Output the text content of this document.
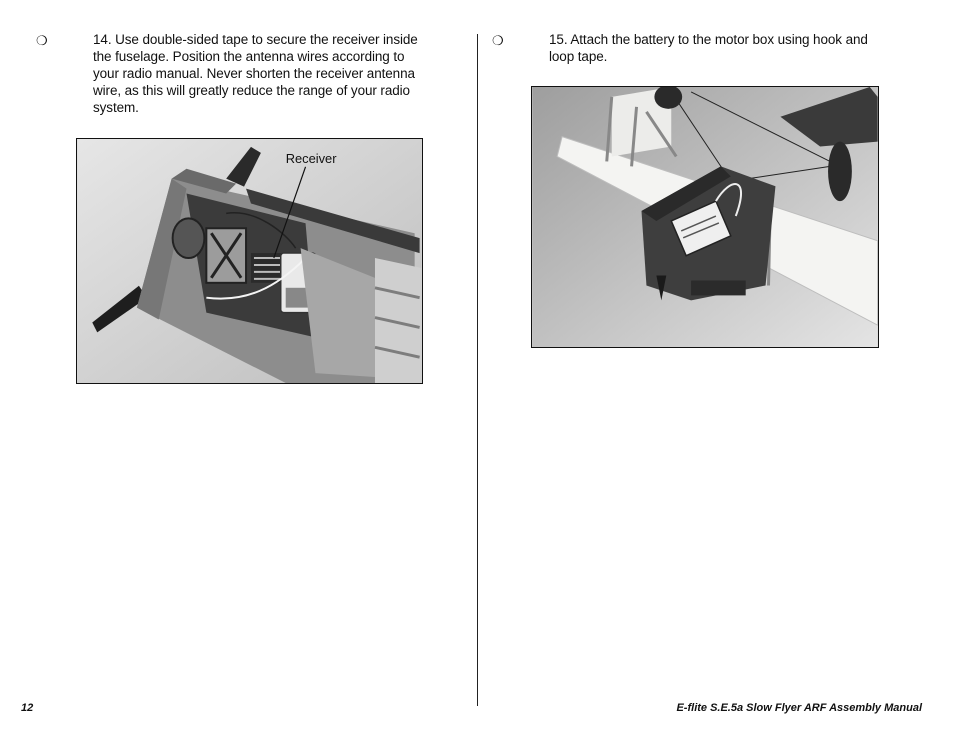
❍	14. Use double-sided tape to secure the receiver inside the fuselage. Position the antenna wires according to your radio manual. Never shorten the receiver antenna wire, as this will greatly reduce the range of your radio system.
❍	15. Attach the battery to the motor box using hook and loop tape.
Receiver
12	E-flite S.E.5a Slow Flyer ARF Assembly Manual
